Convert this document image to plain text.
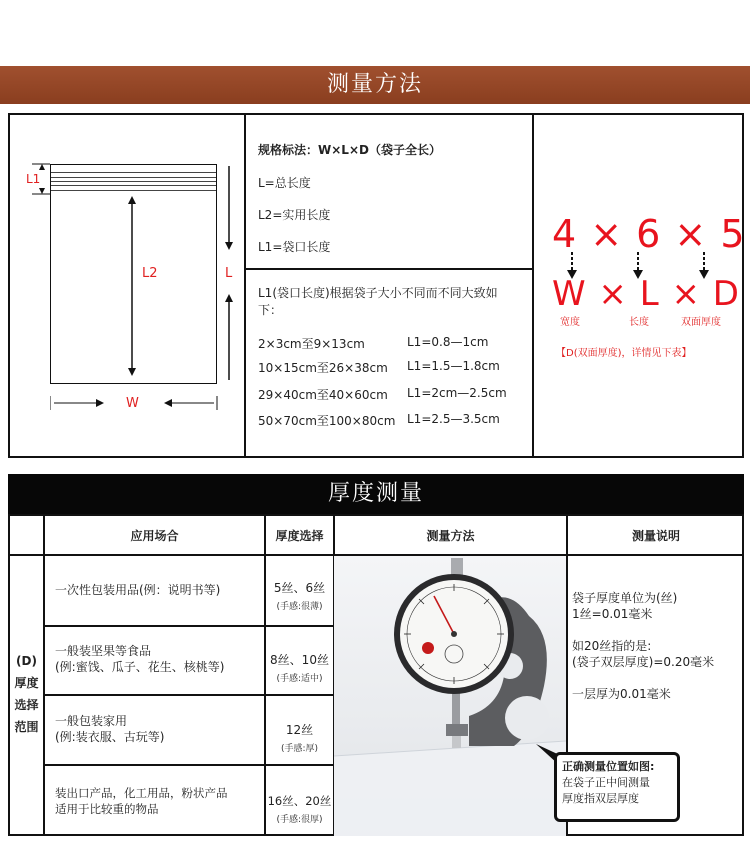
测量方法
L1
L2	L
W
规格标法：W×L×D（袋子全长）
L=总长度
L2=实用长度
L1=袋口长度
L1(袋口长度)根据袋子大小不同而不同大致如下：
2×3cm至9×13cm	L1=0.8—1cm
10×15cm至26×38cm L1=1.5—1.8cm
29×40cm至40×60cm L1=2cm—2.5cm
50×70cm至100×80cm L1=2.5—3.5cm
4 × 6 × 5
W × L × D
宽度	长度	双面厚度
【D(双面厚度)，详情见下表】
厚度测量
应用场合	厚度选择	测量方法	测量说明
(D)
厚度
选择
范围
一次性包装用品(例：说明书等)	5丝、6丝
(手感:很薄)
一般装坚果等食品
(例:蜜饯、瓜子、花生、核桃等)	8丝、10丝
(手感:适中)
一般包装家用
(例:装衣服、古玩等)	12丝
(手感:厚)
装出口产品，化工用品，粉状产品
适用于比较重的物品
16丝、20丝
(手感:很厚)
正确测量位置如图:
在袋子正中间测量
厚度指双层厚度
袋子厚度单位为(丝)
1丝=0.01毫米
如20丝指的是:
(袋子双层厚度)=0.20毫米
一层厚为0.01毫米
